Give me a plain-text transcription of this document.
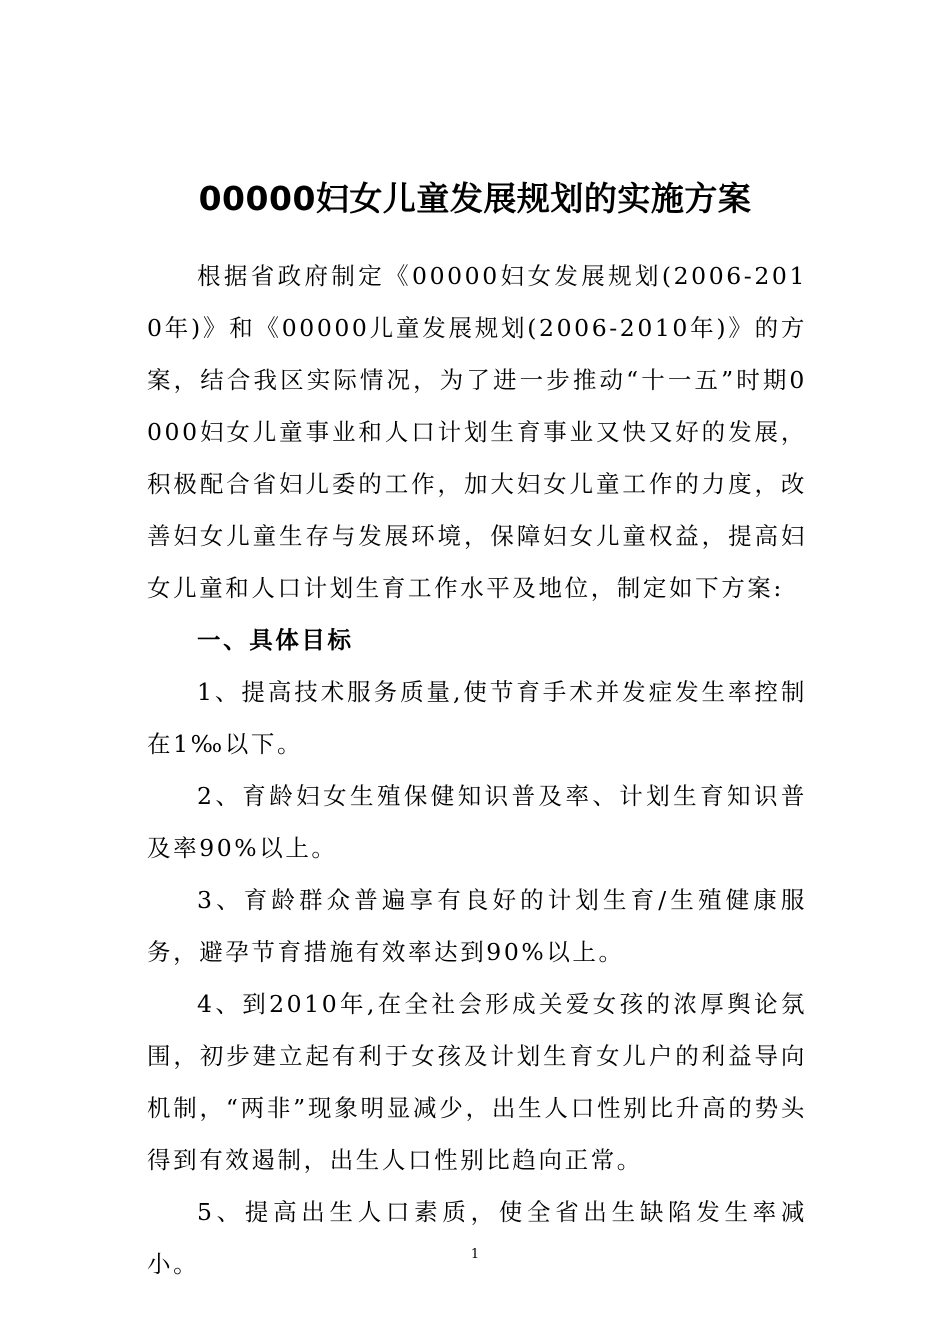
00000妇女儿童发展规划的实施方案

根据省政府制定《00000妇女发展规划(2006-2010年)》和《00000儿童发展规划(2006-2010年)》的方案，结合我区实际情况，为了进一步推动“十一五”时期0000妇女儿童事业和人口计划生育事业又快又好的发展，积极配合省妇儿委的工作，加大妇女儿童工作的力度，改善妇女儿童生存与发展环境，保障妇女儿童权益，提高妇女儿童和人口计划生育工作水平及地位，制定如下方案:

一、具体目标

1、提高技术服务质量,使节育手术并发症发生率控制在1‰以下。

2、育龄妇女生殖保健知识普及率、计划生育知识普及率90%以上。

3、育龄群众普遍享有良好的计划生育/生殖健康服务，避孕节育措施有效率达到90%以上。

4、到2010年,在全社会形成关爱女孩的浓厚舆论氛围，初步建立起有利于女孩及计划生育女儿户的利益导向机制，“两非”现象明显减少，出生人口性别比升高的势头得到有效遏制，出生人口性别比趋向正常。

5、提高出生人口素质，使全省出生缺陷发生率减小。	1
